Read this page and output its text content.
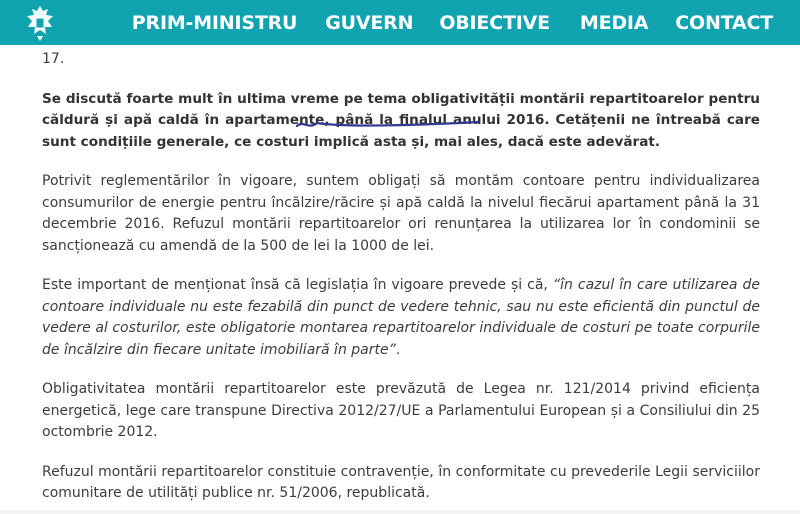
PRIM-MINISTRU GUVERN OBIECTIVE MEDIA CONTACT
17.

Se discută foarte mult în ultima vreme pe tema obligativității montării repartitoarelor pentru căldură și apă caldă în apartamente, până la finalul anului 2016. Cetățenii ne întreabă care sunt condițiile generale, ce costuri implică asta și, mai ales, dacă este adevărat.

Potrivit reglementărilor în vigoare, suntem obligați să montăm contoare pentru individualizarea consumurilor de energie pentru încălzire/răcire și apă caldă la nivelul fiecărui apartament până la 31 decembrie 2016. Refuzul montării repartitoarelor ori renunțarea la utilizarea lor în condominii se sancționează cu amendă de la 500 de lei la 1000 de lei.

Este important de menționat însă că legislația în vigoare prevede și că, “în cazul în care utilizarea de contoare individuale nu este fezabilă din punct de vedere tehnic, sau nu este eficientă din punctul de vedere al costurilor, este obligatorie montarea repartitoarelor individuale de costuri pe toate corpurile de încălzire din fiecare unitate imobiliară în parte”.

Obligativitatea montării repartitoarelor este prevăzută de Legea nr. 121/2014 privind eficiența energetică, lege care transpune Directiva 2012/27/UE a Parlamentului European și a Consiliului din 25 octombrie 2012.

Refuzul montării repartitoarelor constituie contravenție, în conformitate cu prevederile Legii serviciilor comunitare de utilități publice nr. 51/2006, republicată.
